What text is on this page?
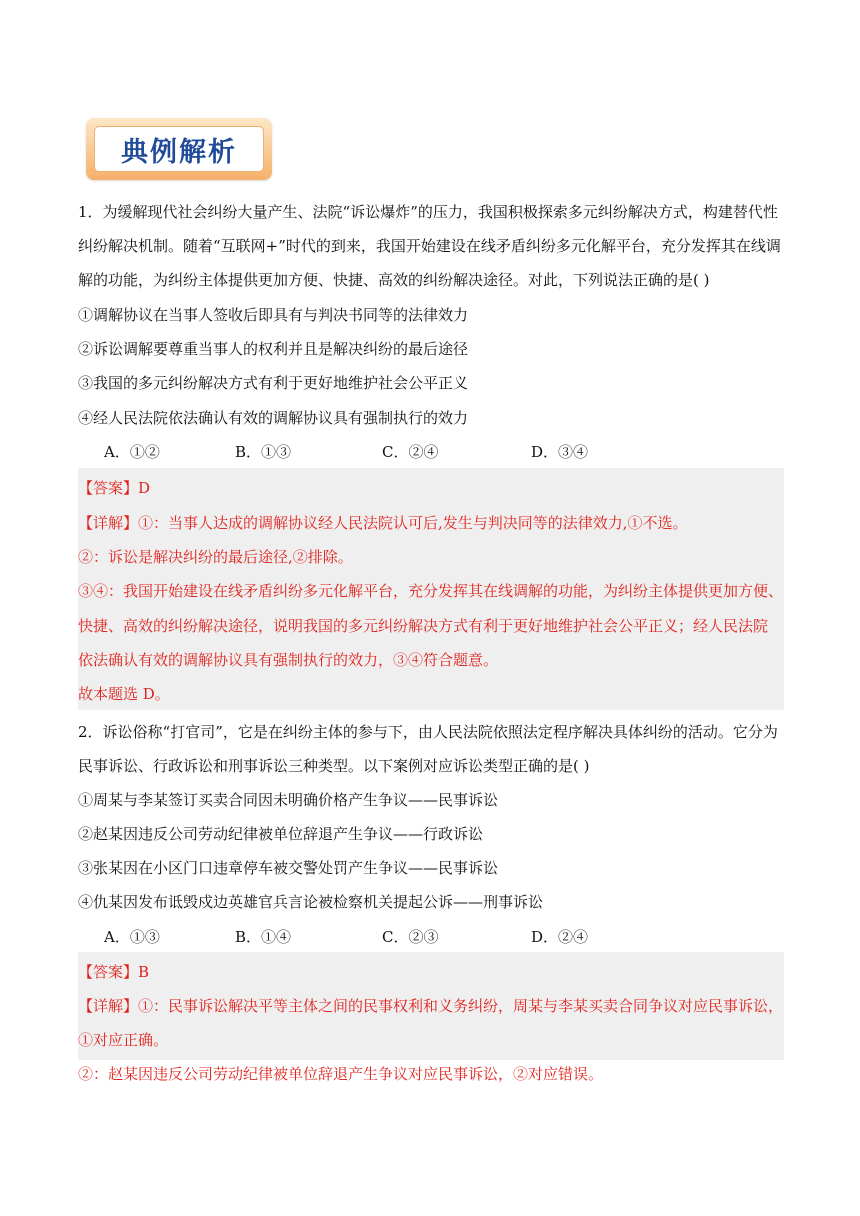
典例解析
1．为缓解现代社会纠纷大量产生、法院“诉讼爆炸”的压力，我国积极探索多元纠纷解决方式，构建替代性
纠纷解决机制。随着“互联网+”时代的到来，我国开始建设在线矛盾纠纷多元化解平台，充分发挥其在线调
解的功能，为纠纷主体提供更加方便、快捷、高效的纠纷解决途径。对此，下列说法正确的是( )
①调解协议在当事人签收后即具有与判决书同等的法律效力
②诉讼调解要尊重当事人的权利并且是解决纠纷的最后途径
③我国的多元纠纷解决方式有利于更好地维护社会公平正义
④经人民法院依法确认有效的调解协议具有强制执行的效力
A．①②	B．①③	C．②④	D．③④
【答案】D
【详解】①：当事人达成的调解协议经人民法院认可后,发生与判决同等的法律效力,①不选。
②：诉讼是解决纠纷的最后途径,②排除。
③④：我国开始建设在线矛盾纠纷多元化解平台，充分发挥其在线调解的功能，为纠纷主体提供更加方便、
快捷、高效的纠纷解决途径，说明我国的多元纠纷解决方式有利于更好地维护社会公平正义；经人民法院
依法确认有效的调解协议具有强制执行的效力，③④符合题意。
故本题选 D。
2．诉讼俗称“打官司”，它是在纠纷主体的参与下，由人民法院依照法定程序解决具体纠纷的活动。它分为
民事诉讼、行政诉讼和刑事诉讼三种类型。以下案例对应诉讼类型正确的是( )
①周某与李某签订买卖合同因未明确价格产生争议——民事诉讼
②赵某因违反公司劳动纪律被单位辞退产生争议——行政诉讼
③张某因在小区门口违章停车被交警处罚产生争议——民事诉讼
④仇某因发布诋毁戍边英雄官兵言论被检察机关提起公诉——刑事诉讼
A．①③	B．①④	C．②③	D．②④
【答案】B
【详解】①：民事诉讼解决平等主体之间的民事权利和义务纠纷，周某与李某买卖合同争议对应民事诉讼，
①对应正确。
②：赵某因违反公司劳动纪律被单位辞退产生争议对应民事诉讼，②对应错误。
